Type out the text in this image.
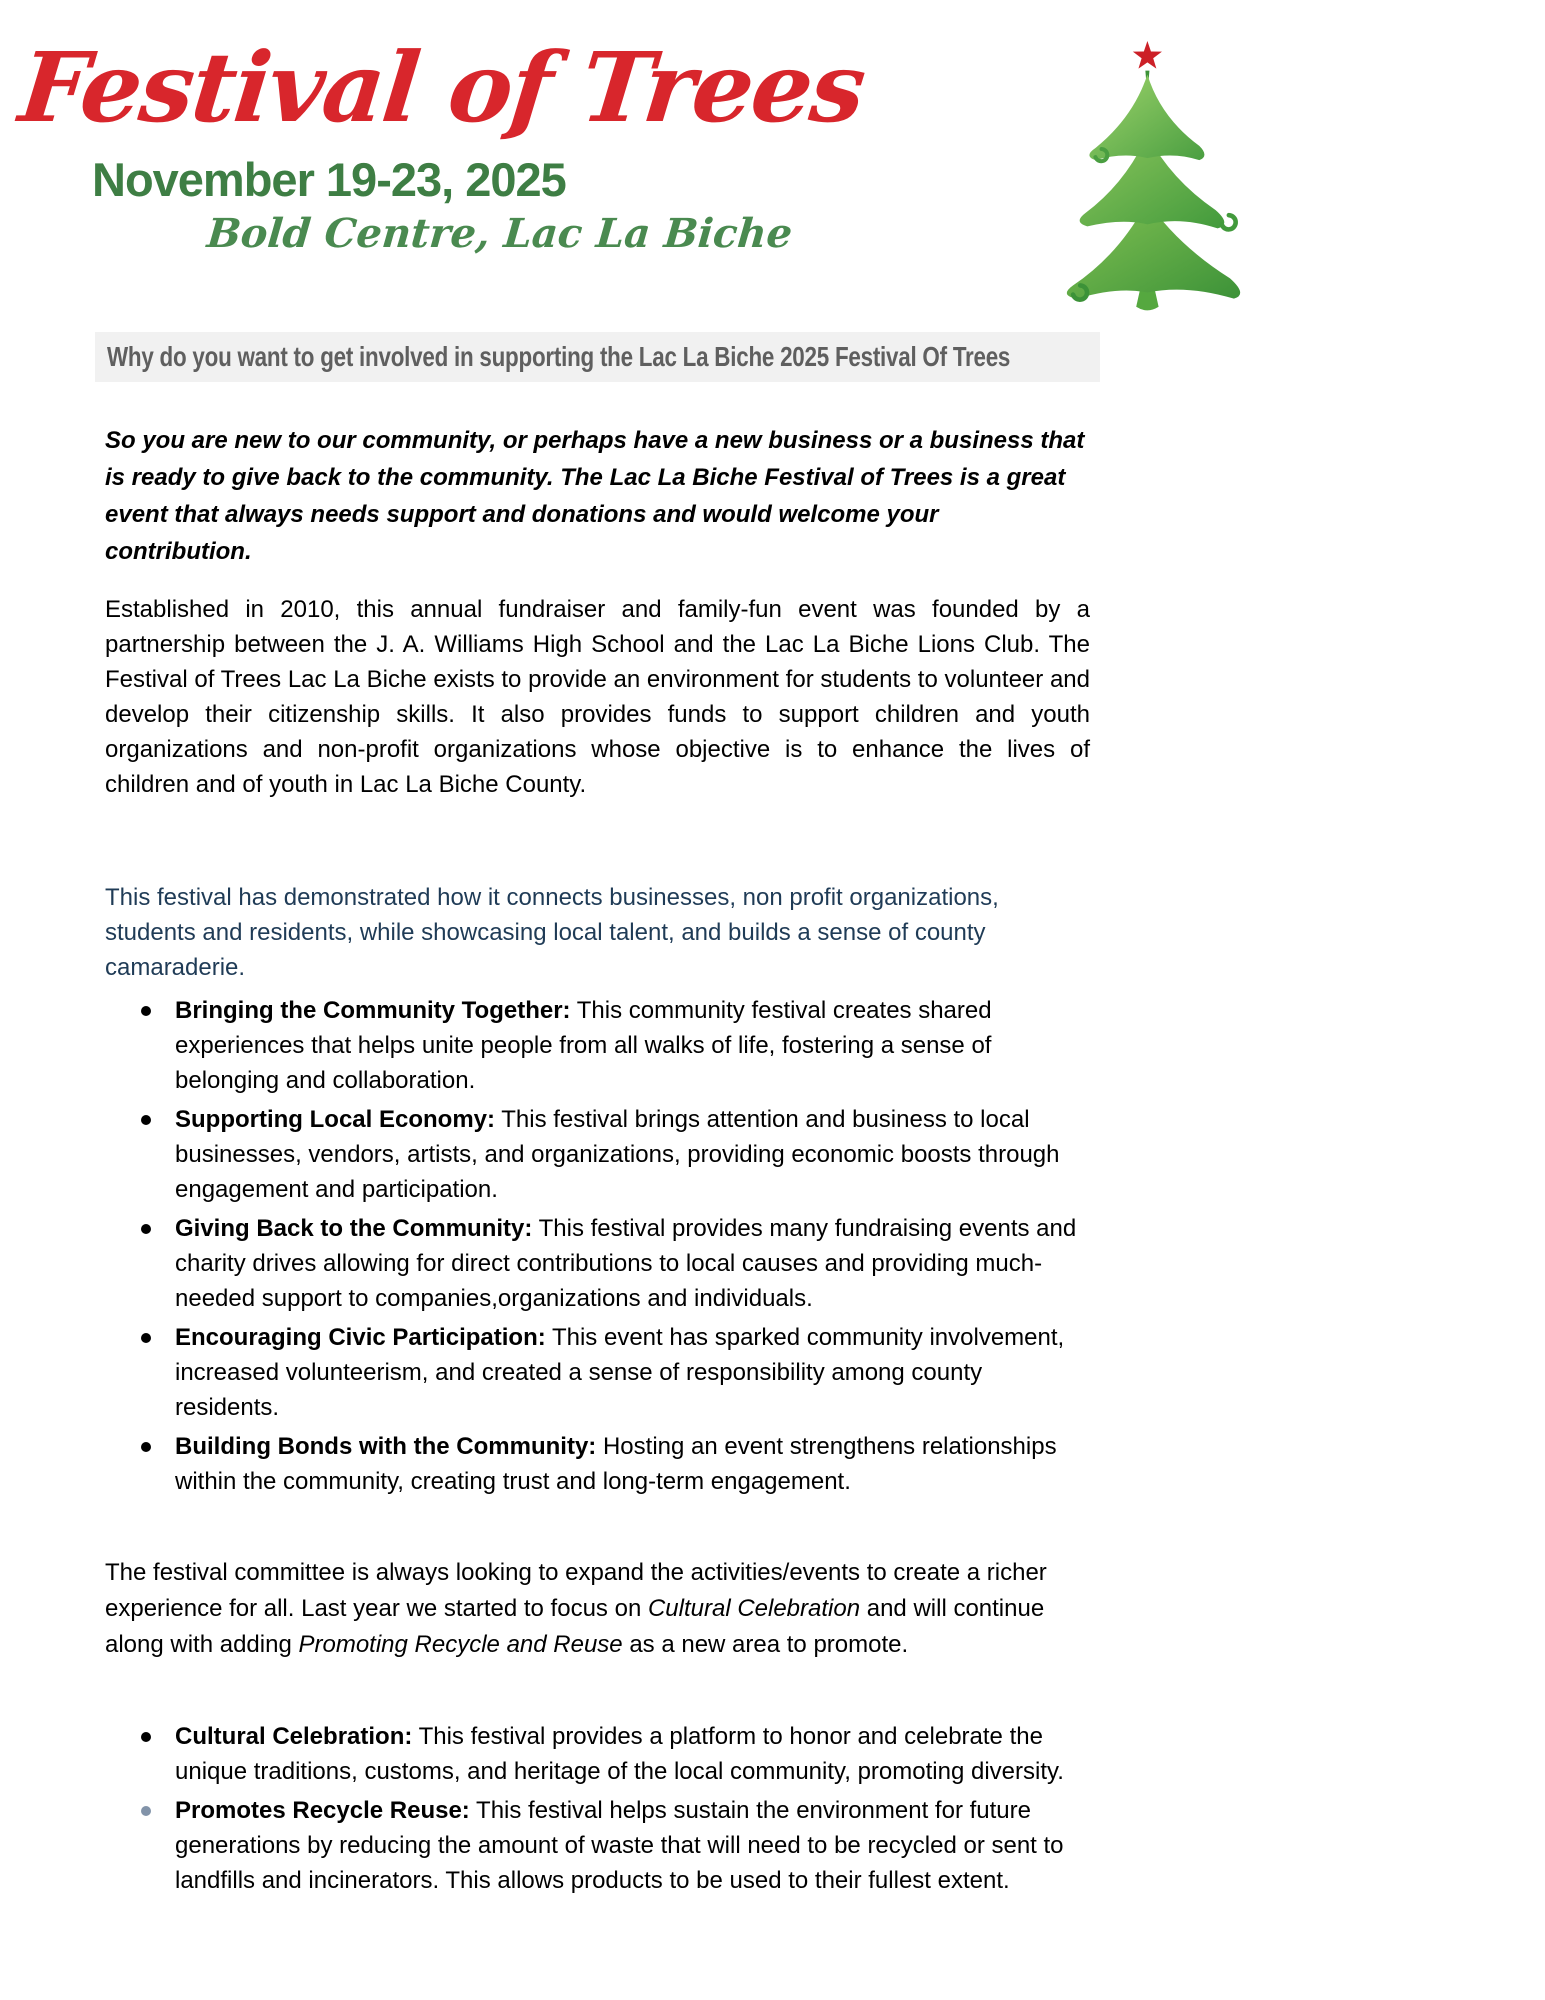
Festival of Trees
November 19-23, 2025
Bold Centre, Lac La Biche
Why do you want to get involved in supporting the Lac La Biche 2025 Festival Of Trees

So you are new to our community, or perhaps have a new business or a business that is ready to give back to the community. The Lac La Biche Festival of Trees is a great event that always needs support and donations and would welcome your contribution.

Established in 2010, this annual fundraiser and family-fun event was founded by a partnership between the J. A. Williams High School and the Lac La Biche Lions Club. The Festival of Trees Lac La Biche exists to provide an environment for students to volunteer and develop their citizenship skills. It also provides funds to support children and youth organizations and non-profit organizations whose objective is to enhance the lives of children and of youth in Lac La Biche County.

This festival has demonstrated how it connects businesses, non profit organizations, students and residents, while showcasing local talent, and builds a sense of county camaraderie.

Bringing the Community Together: This community festival creates shared experiences that helps unite people from all walks of life, fostering a sense of belonging and collaboration.
Supporting Local Economy: This festival brings attention and business to local businesses, vendors, artists, and organizations, providing economic boosts through engagement and participation.
Giving Back to the Community: This festival provides many fundraising events and charity drives allowing for direct contributions to local causes and providing much-needed support to companies,organizations and individuals.
Encouraging Civic Participation: This event has sparked community involvement, increased volunteerism, and created a sense of responsibility among county residents.
Building Bonds with the Community: Hosting an event strengthens relationships within the community, creating trust and long-term engagement.

The festival committee is always looking to expand the activities/events to create a richer experience for all. Last year we started to focus on Cultural Celebration and will continue along with adding Promoting Recycle and Reuse as a new area to promote.

Cultural Celebration: This festival provides a platform to honor and celebrate the unique traditions, customs, and heritage of the local community, promoting diversity.
Promotes Recycle Reuse: This festival helps sustain the environment for future generations by reducing the amount of waste that will need to be recycled or sent to landfills and incinerators. This allows products to be used to their fullest extent.
